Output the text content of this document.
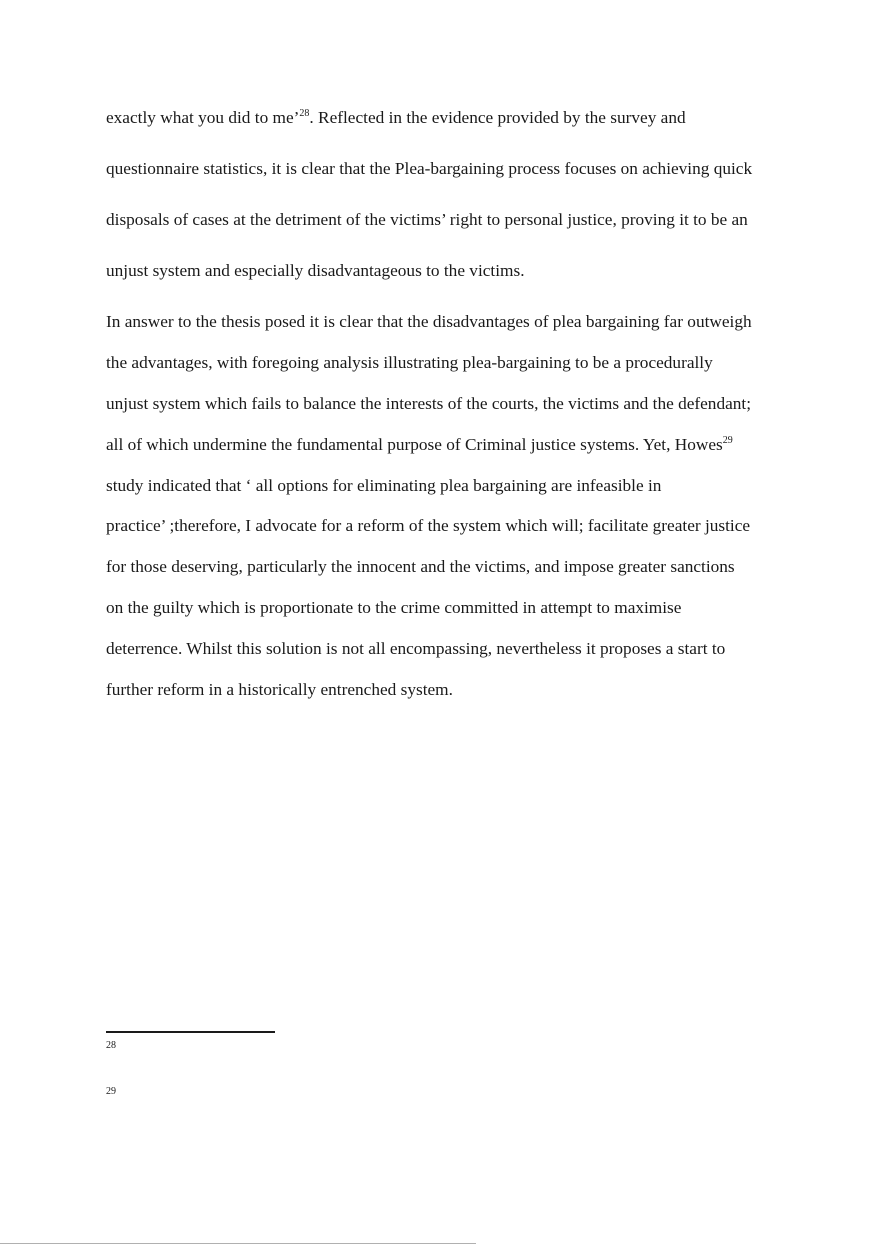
exactly what you did to me’$^{28}$. Reflected in the evidence provided by the survey and
questionnaire statistics, it is clear that the Plea-bargaining process focuses on achieving quick
disposals of cases at the detriment of the victims’ right to personal justice, proving it to be an
unjust system and especially disadvantageous to the victims.
In answer to the thesis posed it is clear that the disadvantages of plea bargaining far outweigh
the advantages, with foregoing analysis illustrating plea-bargaining to be a procedurally
unjust system which fails to balance the interests of the courts, the victims and the defendant;
all of which undermine the fundamental purpose of Criminal justice systems. Yet, Howes$^{29}$
study indicated that ‘ all options for eliminating plea bargaining are infeasible in
practice’ ;therefore, I advocate for a reform of the system which will; facilitate greater justice
for those deserving, particularly the innocent and the victims, and impose greater sanctions
on the guilty which is proportionate to the crime committed in attempt to maximise
deterrence. Whilst this solution is not all encompassing, nevertheless it proposes a start to
further reform in a historically entrenched system.
28
29
